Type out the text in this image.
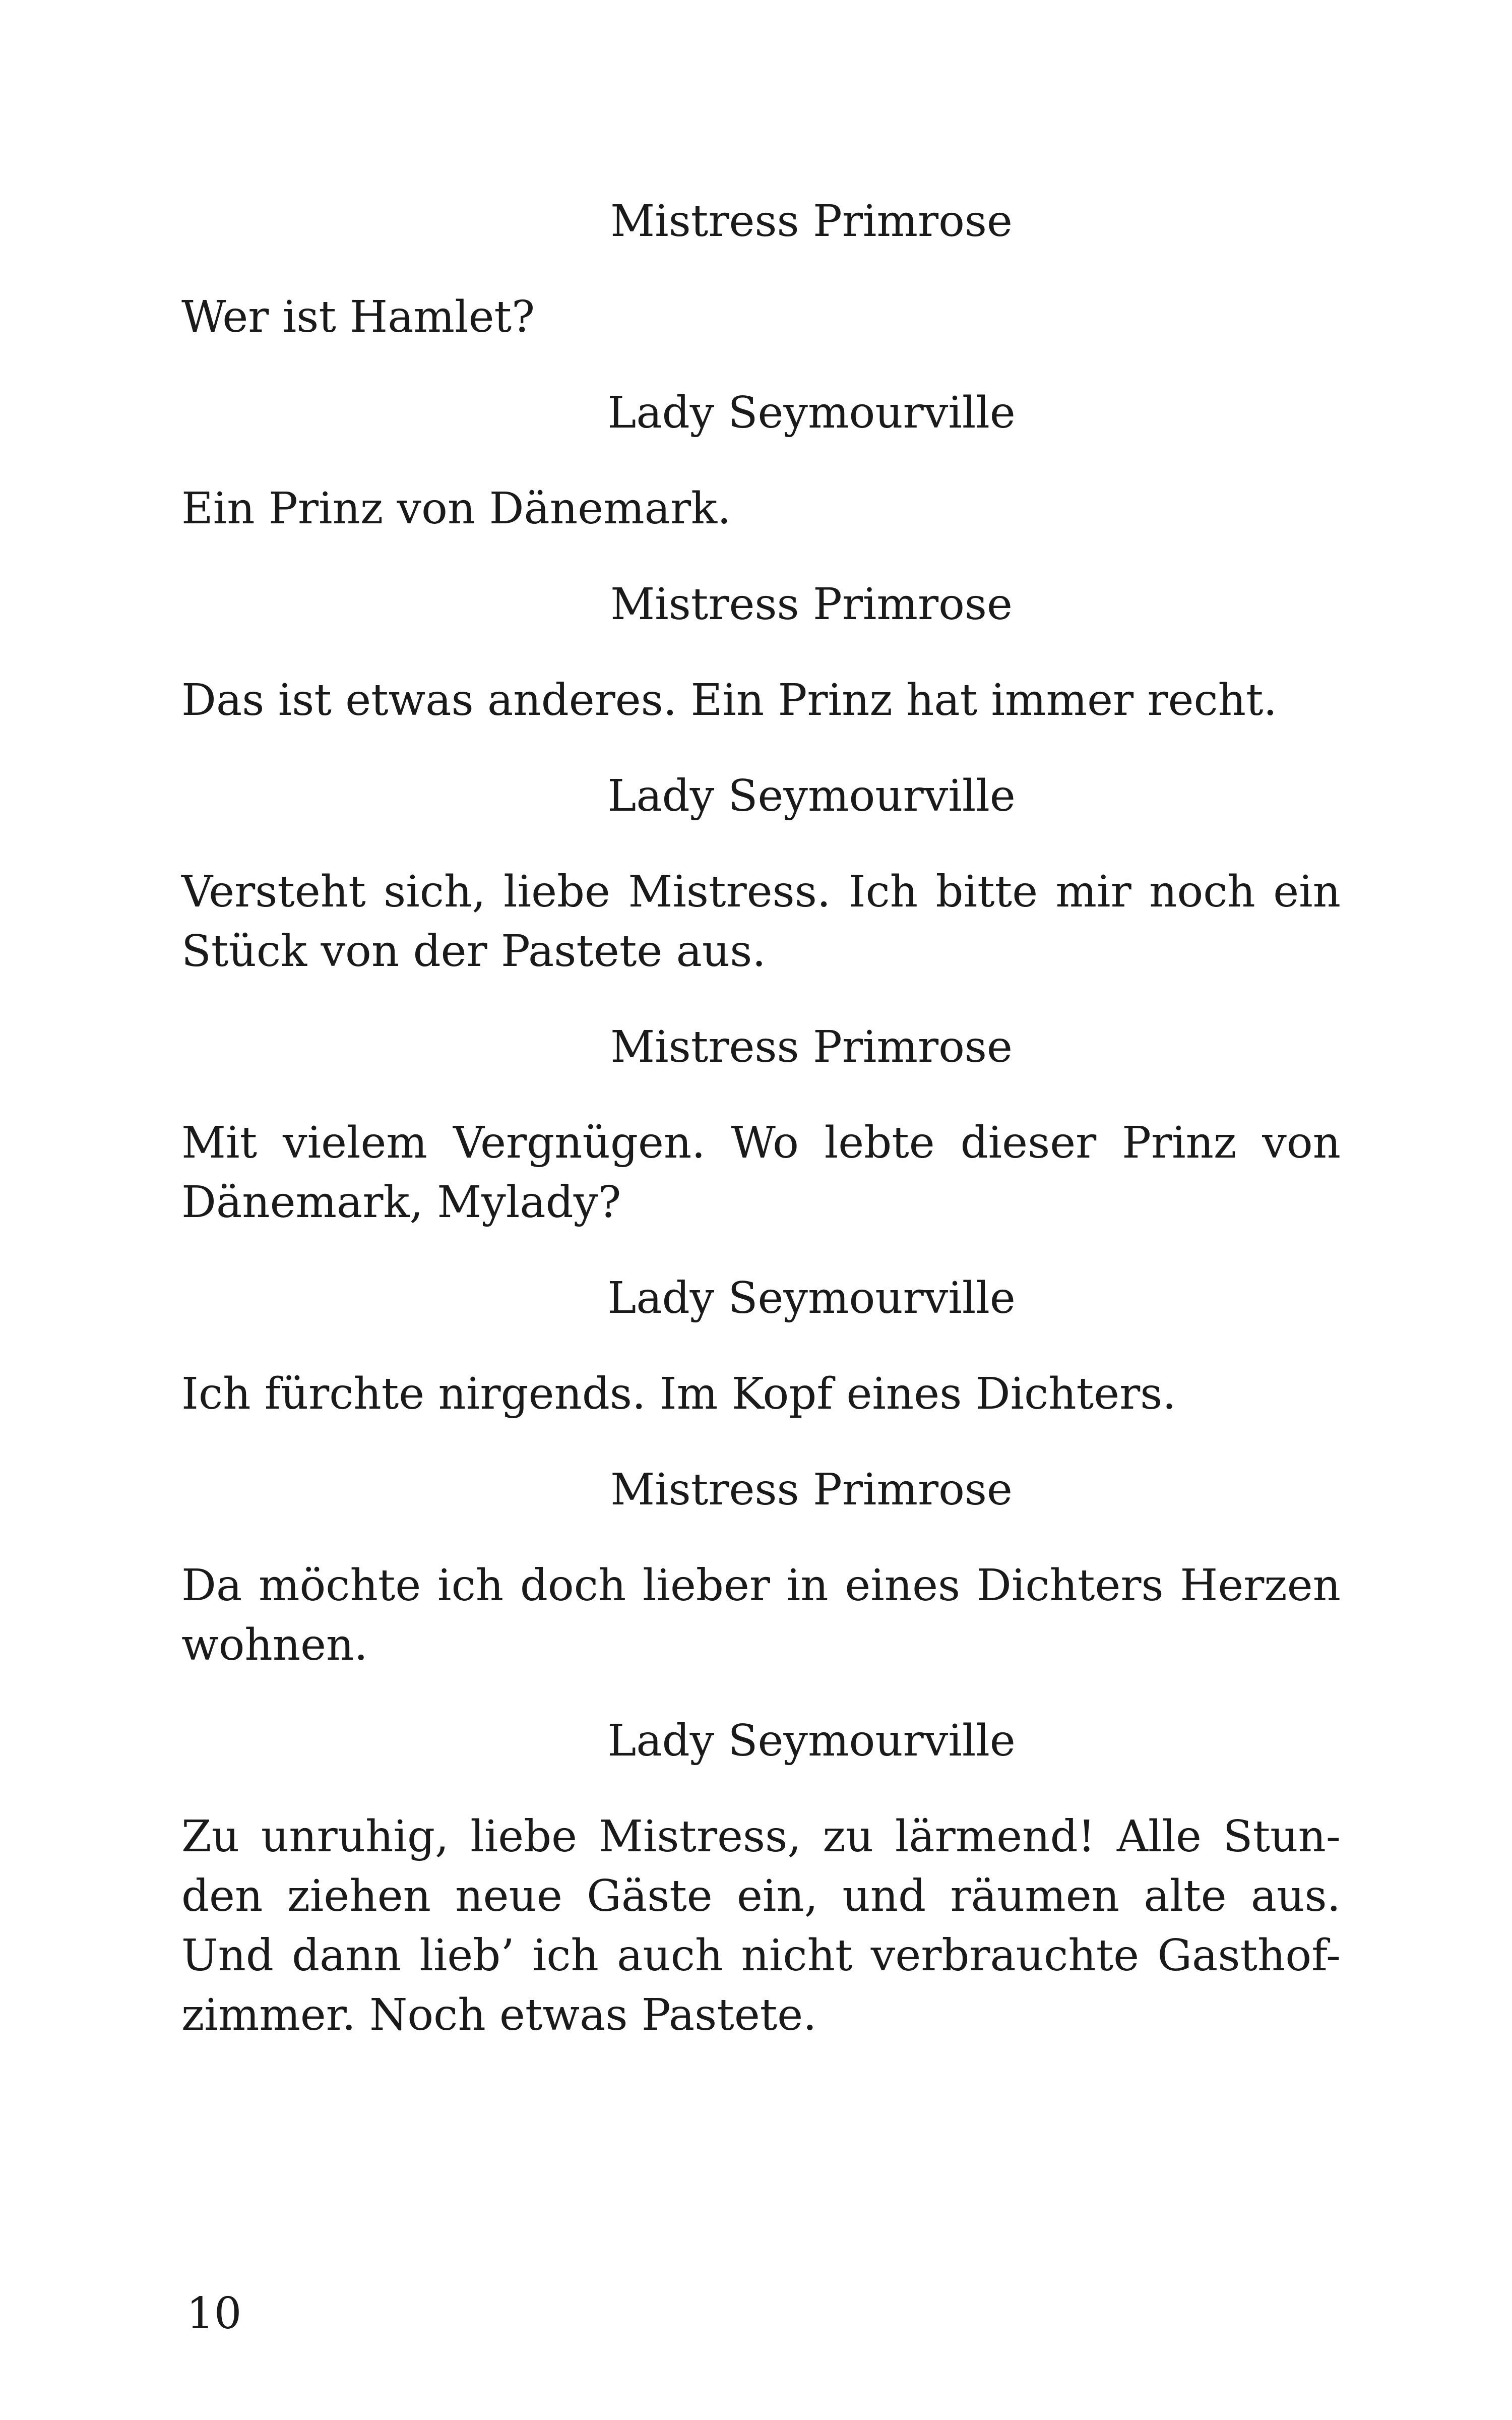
Mistress Primrose
Wer ist Hamlet?
Lady Seymourville
Ein Prinz von Dänemark.
Mistress Primrose
Das ist etwas anderes. Ein Prinz hat immer recht.
Lady Seymourville
Versteht sich, liebe Mistress. Ich bitte mir noch ein
Stück von der Pastete aus.
Mistress Primrose
Mit vielem Vergnügen. Wo lebte dieser Prinz von
Dänemark, Mylady?
Lady Seymourville
Ich fürchte nirgends. Im Kopf eines Dichters.
Mistress Primrose
Da möchte ich doch lieber in eines Dichters Herzen
wohnen.
Lady Seymourville
Zu unruhig, liebe Mistress, zu lärmend! Alle Stun-
den ziehen neue Gäste ein, und räumen alte aus.
Und dann lieb’ ich auch nicht verbrauchte Gasthof-
zimmer. Noch etwas Pastete.
10
